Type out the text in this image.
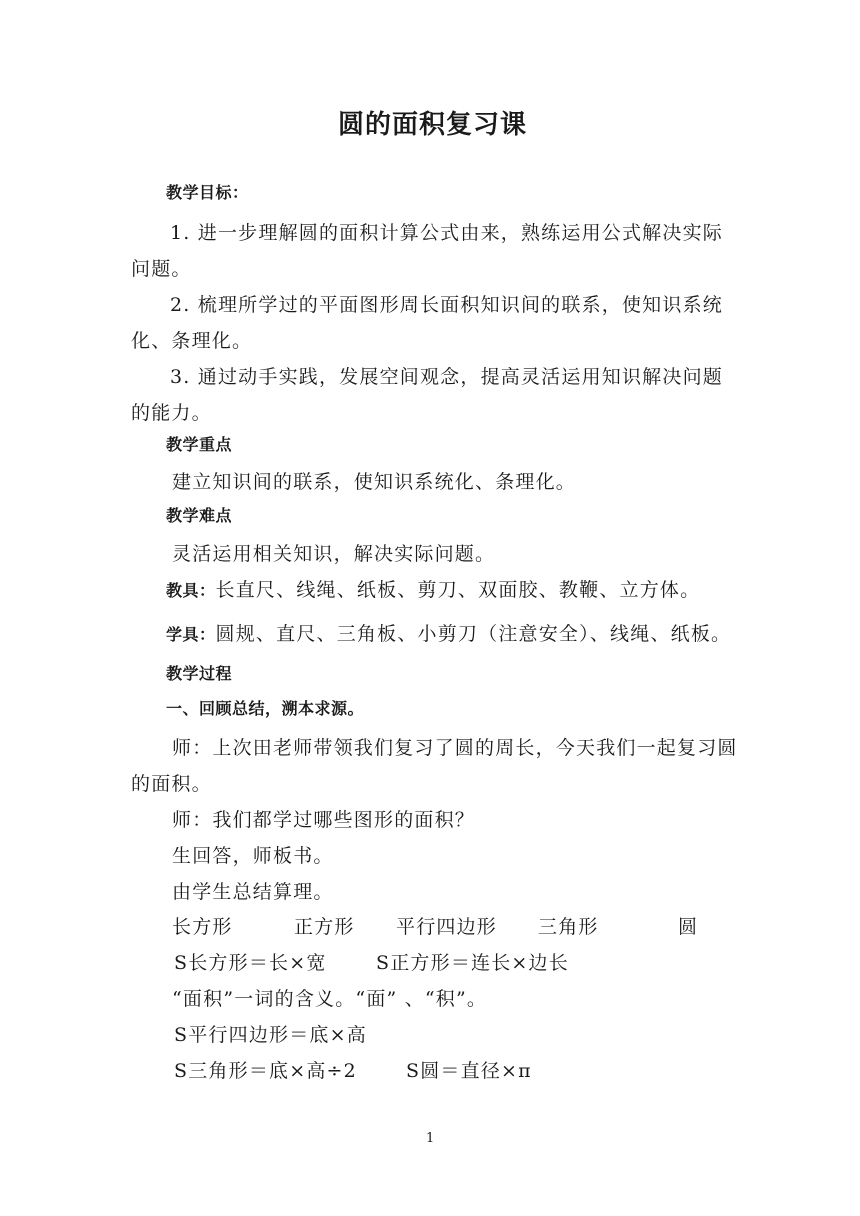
圆的面积复习课
教学目标：
1. 进一步理解圆的面积计算公式由来，熟练运用公式解决实际
问题。
2. 梳理所学过的平面图形周长面积知识间的联系，使知识系统
化、条理化。
3. 通过动手实践，发展空间观念，提高灵活运用知识解决问题
的能力。
教学重点
建立知识间的联系，使知识系统化、条理化。
教学难点
灵活运用相关知识，解决实际问题。
教具：长直尺、线绳、纸板、剪刀、双面胶、教鞭、立方体。
学具：圆规、直尺、三角板、小剪刀（注意安全）、线绳、纸板。
教学过程
一、回顾总结，溯本求源。
师：上次田老师带领我们复习了圆的周长，今天我们一起复习圆
的面积。
师：我们都学过哪些图形的面积？
生回答，师板书。
由学生总结算理。
长方形	正方形 平行四边形 三角形	圆
S长方形＝长×宽	S正方形＝连长×边长
“面积”一词的含义。“面” 、“积”。
S平行四边形＝底×高
S三角形＝底×高÷2	S圆＝直径×π
1
